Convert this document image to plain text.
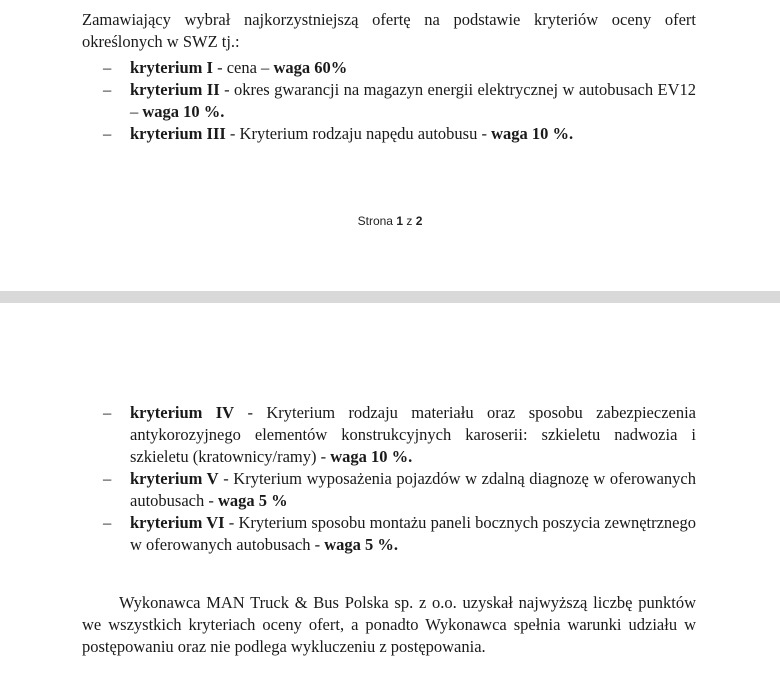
Zamawiający wybrał najkorzystniejszą ofertę na podstawie kryteriów oceny ofert określonych w SWZ tj.:
– kryterium I - cena – waga 60%
– kryterium II - okres gwarancji na magazyn energii elektrycznej w autobusach EV12 – waga 10 %.
– kryterium III - Kryterium rodzaju napędu autobusu - waga 10 %.
Strona 1 z 2
– kryterium IV - Kryterium rodzaju materiału oraz sposobu zabezpieczenia antykorozyjnego elementów konstrukcyjnych karoserii: szkieletu nadwozia i szkieletu (kratownicy/ramy) - waga 10 %.
– kryterium V - Kryterium wyposażenia pojazdów w zdalną diagnozę w oferowanych autobusach - waga 5 %
– kryterium VI - Kryterium sposobu montażu paneli bocznych poszycia zewnętrznego w oferowanych autobusach - waga 5 %.
Wykonawca MAN Truck & Bus Polska sp. z o.o. uzyskał najwyższą liczbę punktów we wszystkich kryteriach oceny ofert, a ponadto Wykonawca spełnia warunki udziału w postępowaniu oraz nie podlega wykluczeniu z postępowania.
